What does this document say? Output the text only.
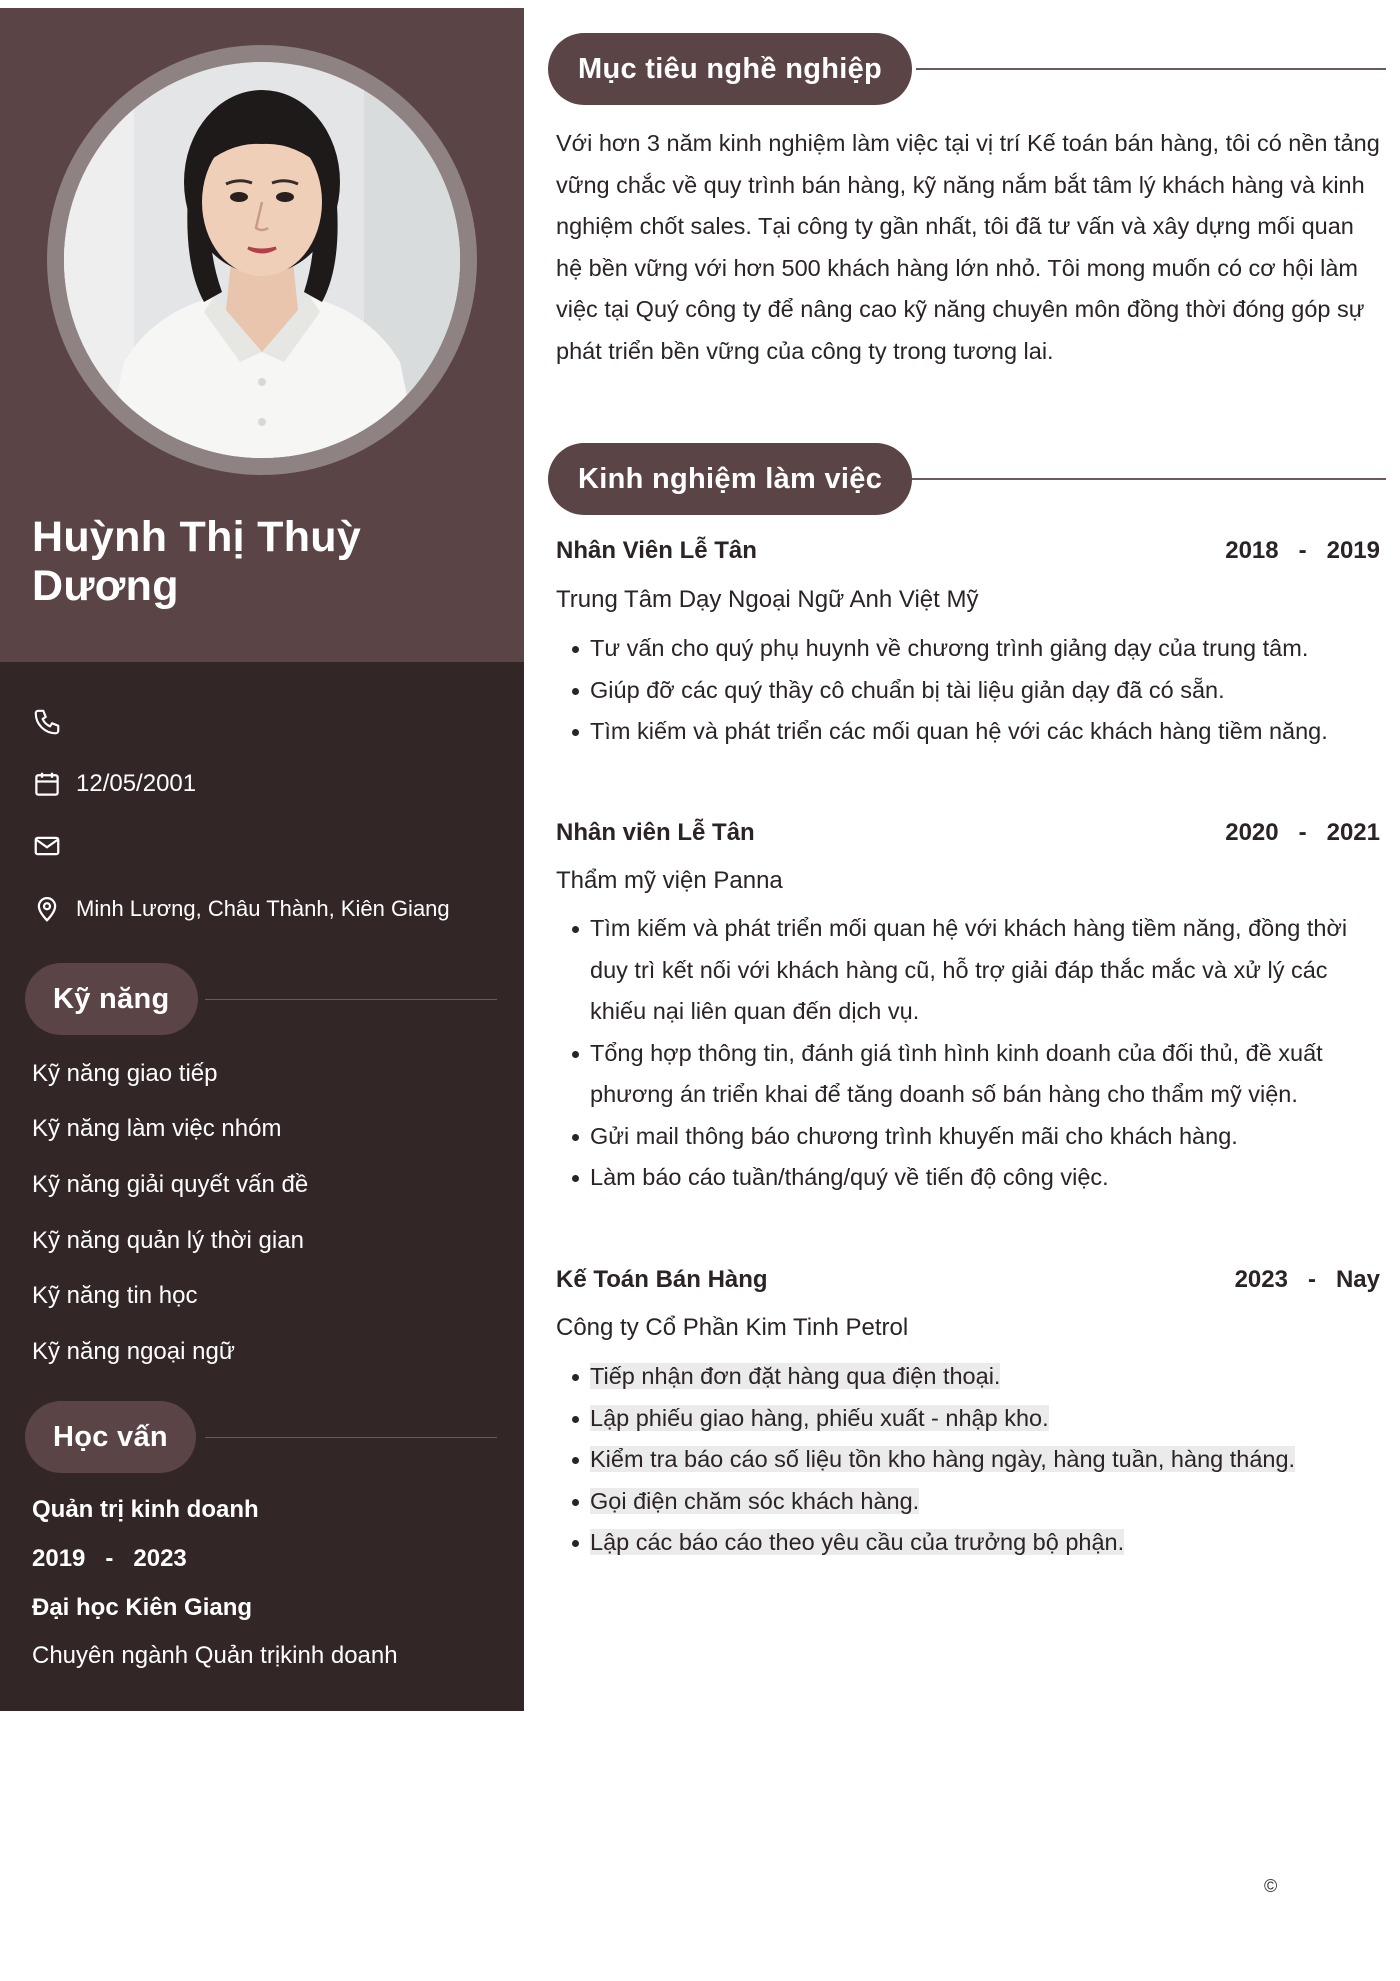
Huỳnh Thị Thuỳ Dương
12/05/2001
Minh Lương, Châu Thành, Kiên Giang
Kỹ năng
Kỹ năng giao tiếp
Kỹ năng làm việc nhóm
Kỹ năng giải quyết vấn đề
Kỹ năng quản lý thời gian
Kỹ năng tin học
Kỹ năng ngoại ngữ
Học vấn
Quản trị kinh doanh
2019   -   2023
Đại học Kiên Giang
Chuyên ngành Quản trịkinh doanh
Mục tiêu nghề nghiệp
Với hơn 3 năm kinh nghiệm làm việc tại vị trí Kế toán bán hàng, tôi có nền tảng vững chắc về quy trình bán hàng, kỹ năng nắm bắt tâm lý khách hàng và kinh nghiệm chốt sales. Tại công ty gần nhất, tôi đã tư vấn và xây dựng mối quan hệ bền vững với hơn 500 khách hàng lớn nhỏ. Tôi mong muốn có cơ hội làm việc tại Quý công ty để nâng cao kỹ năng chuyên môn đồng thời đóng góp sự phát triển bền vững của công ty trong tương lai.
Kinh nghiệm làm việc
Nhân Viên Lễ Tân	2018   -   2019
Trung Tâm Dạy Ngoại Ngữ Anh Việt Mỹ
Tư vấn cho quý phụ huynh về chương trình giảng dạy của trung tâm.
Giúp đỡ các quý thầy cô chuẩn bị tài liệu giản dạy đã có sẵn.
Tìm kiếm và phát triển các mối quan hệ với các khách hàng tiềm năng.
Nhân viên Lễ Tân	2020   -   2021
Thẩm mỹ viện Panna
Tìm kiếm và phát triển mối quan hệ với khách hàng tiềm năng, đồng thời duy trì kết nối với khách hàng cũ, hỗ trợ giải đáp thắc mắc và xử lý các khiếu nại liên quan đến dịch vụ.
Tổng hợp thông tin, đánh giá tình hình kinh doanh của đối thủ, đề xuất phương án triển khai để tăng doanh số bán hàng cho thẩm mỹ viện.
Gửi mail thông báo chương trình khuyến mãi cho khách hàng.
Làm báo cáo tuần/tháng/quý về tiến độ công việc.
Kế Toán Bán Hàng	2023   -   Nay
Công ty Cổ Phần Kim Tinh Petrol
Tiếp nhận đơn đặt hàng qua điện thoại.
Lập phiếu giao hàng, phiếu xuất - nhập kho.
Kiểm tra báo cáo số liệu tồn kho hàng ngày, hàng tuần, hàng tháng.
Gọi điện chăm sóc khách hàng.
Lập các báo cáo theo yêu cầu của trưởng bộ phận.
©
